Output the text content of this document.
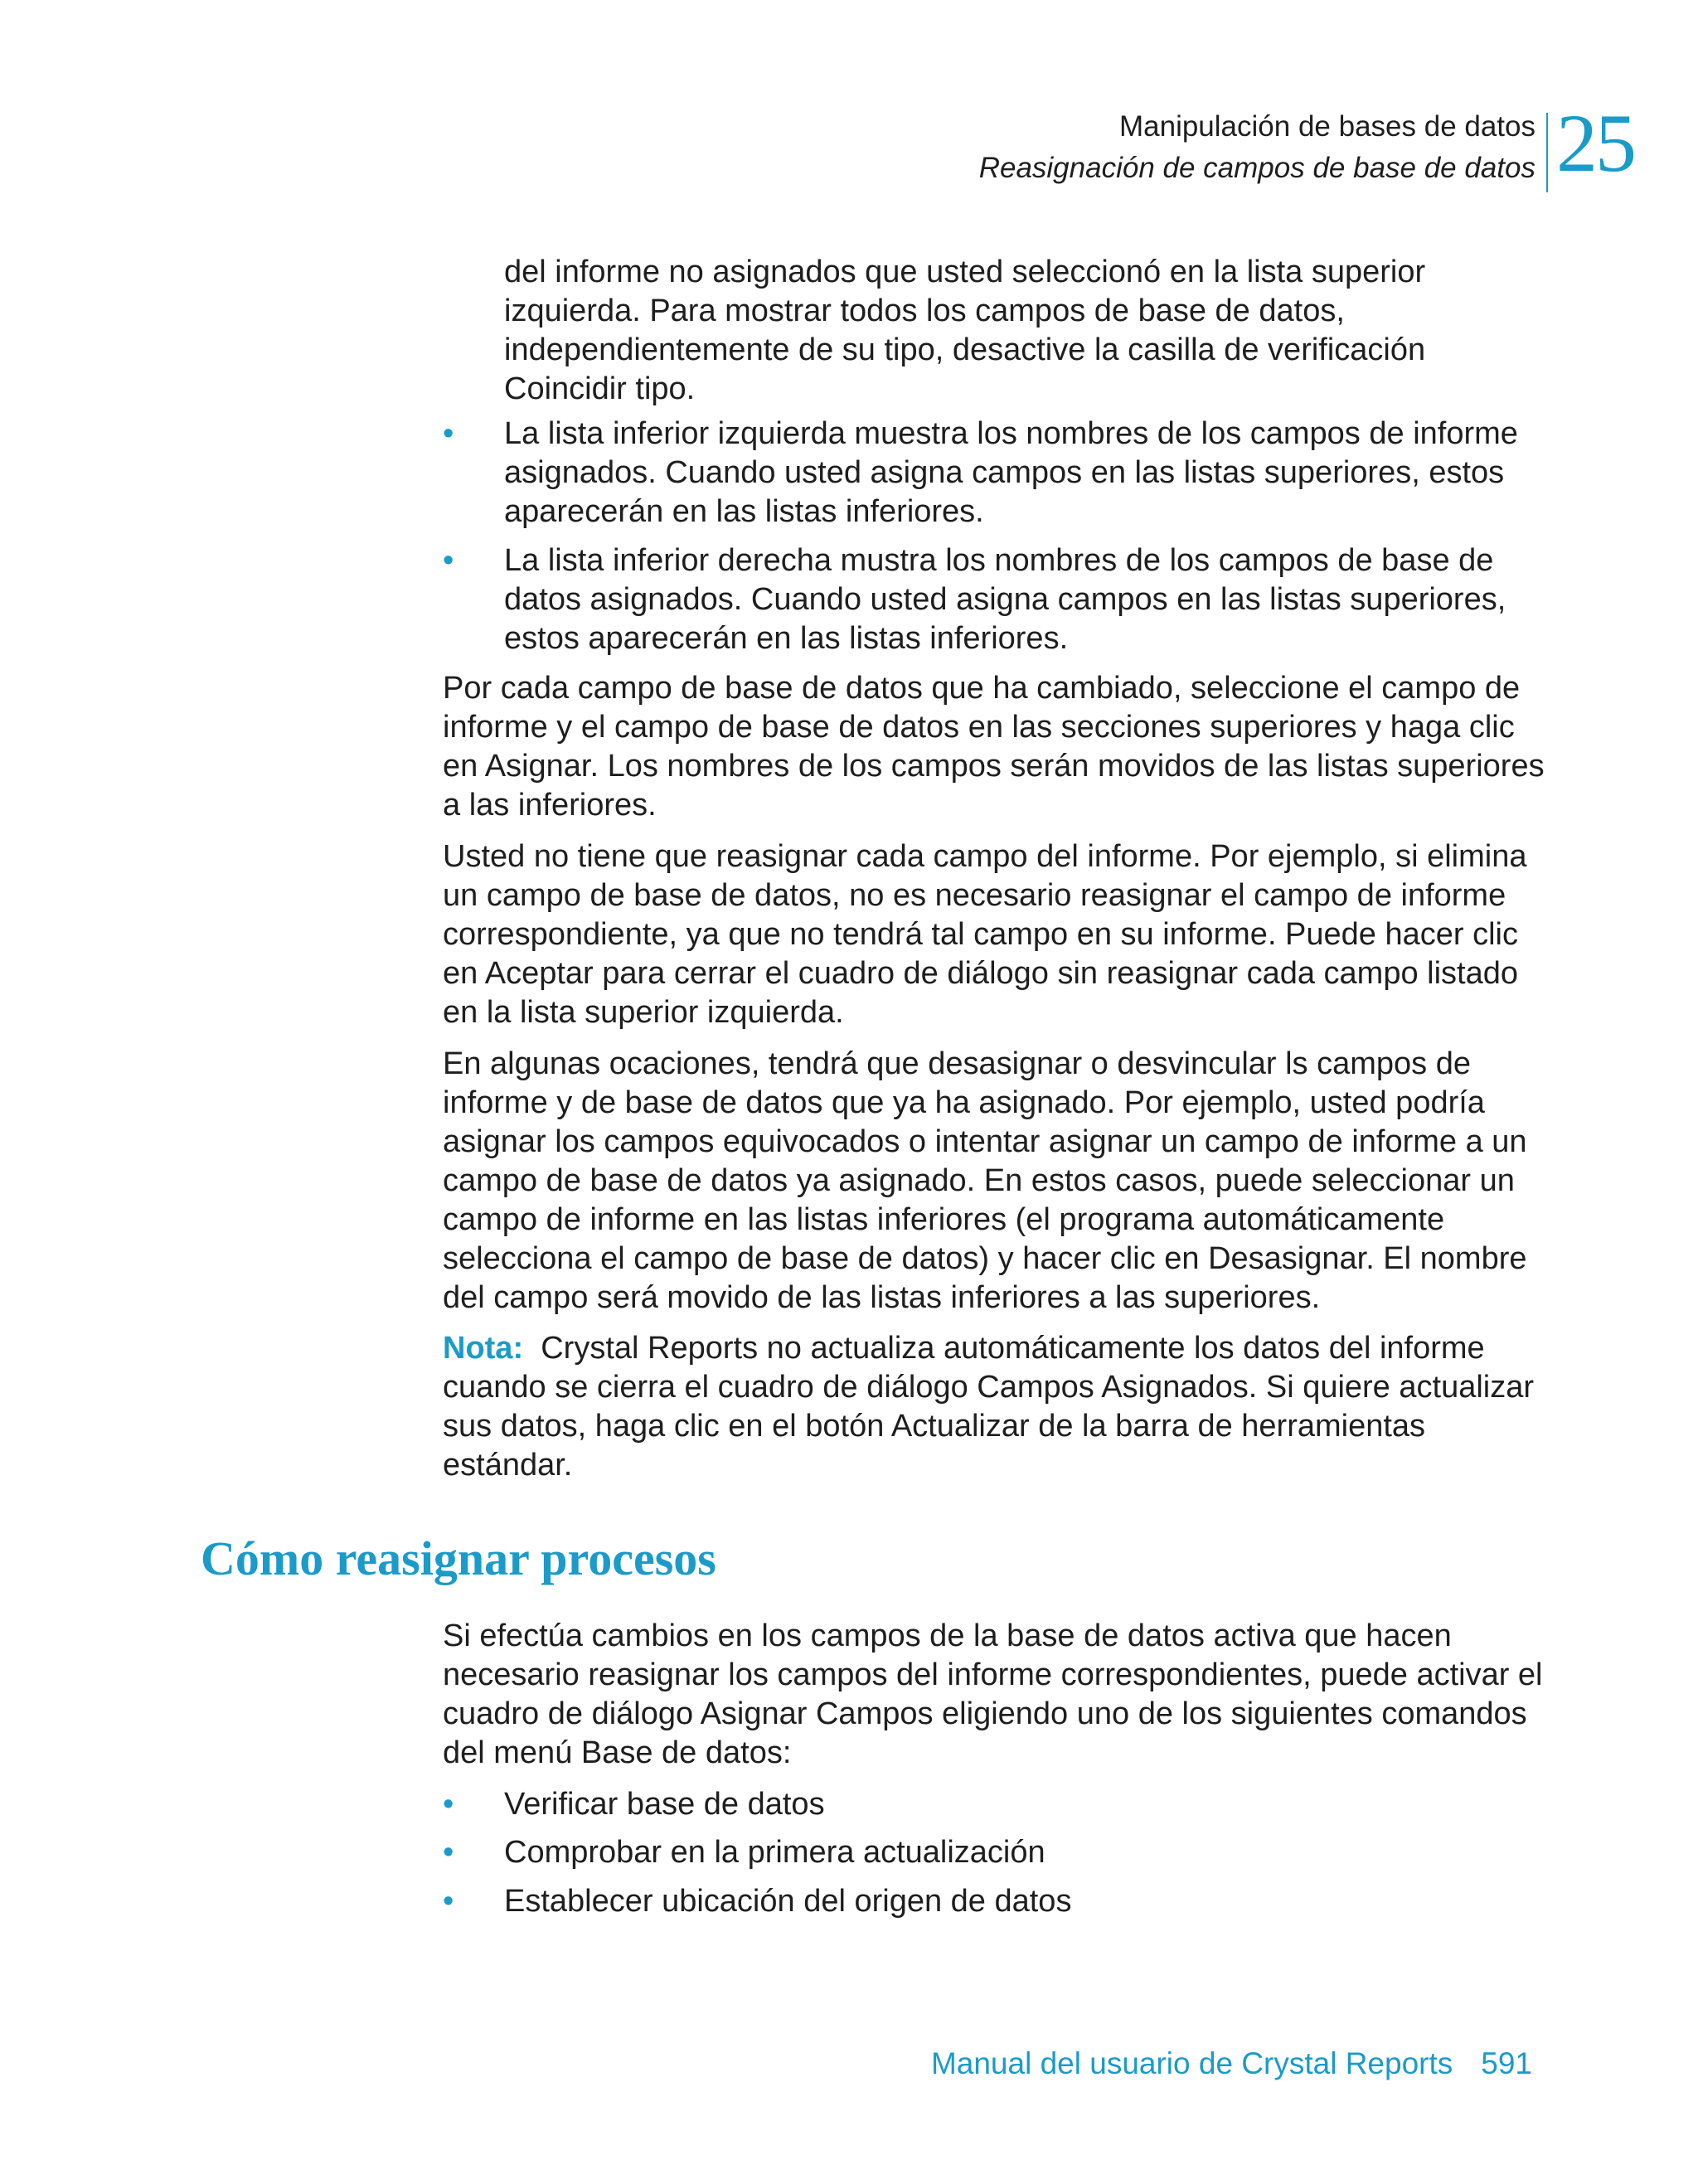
Manipulación de bases de datos
Reasignación de campos de base de datos 25
del informe no asignados que usted seleccionó en la lista superior izquierda. Para mostrar todos los campos de base de datos, independientemente de su tipo, desactive la casilla de verificación Coincidir tipo.
• La lista inferior izquierda muestra los nombres de los campos de informe asignados. Cuando usted asigna campos en las listas superiores, estos aparecerán en las listas inferiores.
• La lista inferior derecha mustra los nombres de los campos de base de datos asignados. Cuando usted asigna campos en las listas superiores, estos aparecerán en las listas inferiores.
Por cada campo de base de datos que ha cambiado, seleccione el campo de informe y el campo de base de datos en las secciones superiores y haga clic en Asignar. Los nombres de los campos serán movidos de las listas superiores a las inferiores.
Usted no tiene que reasignar cada campo del informe. Por ejemplo, si elimina un campo de base de datos, no es necesario reasignar el campo de informe correspondiente, ya que no tendrá tal campo en su informe. Puede hacer clic en Aceptar para cerrar el cuadro de diálogo sin reasignar cada campo listado en la lista superior izquierda.
En algunas ocaciones, tendrá que desasignar o desvincular ls campos de informe y de base de datos que ya ha asignado. Por ejemplo, usted podría asignar los campos equivocados o intentar asignar un campo de informe a un campo de base de datos ya asignado. En estos casos, puede seleccionar un campo de informe en las listas inferiores (el programa automáticamente selecciona el campo de base de datos) y hacer clic en Desasignar. El nombre del campo será movido de las listas inferiores a las superiores.
Nota: Crystal Reports no actualiza automáticamente los datos del informe cuando se cierra el cuadro de diálogo Campos Asignados. Si quiere actualizar sus datos, haga clic en el botón Actualizar de la barra de herramientas estándar.
Cómo reasignar procesos
Si efectúa cambios en los campos de la base de datos activa que hacen necesario reasignar los campos del informe correspondientes, puede activar el cuadro de diálogo Asignar Campos eligiendo uno de los siguientes comandos del menú Base de datos:
• Verificar base de datos
• Comprobar en la primera actualización
• Establecer ubicación del origen de datos
Manual del usuario de Crystal Reports 591
